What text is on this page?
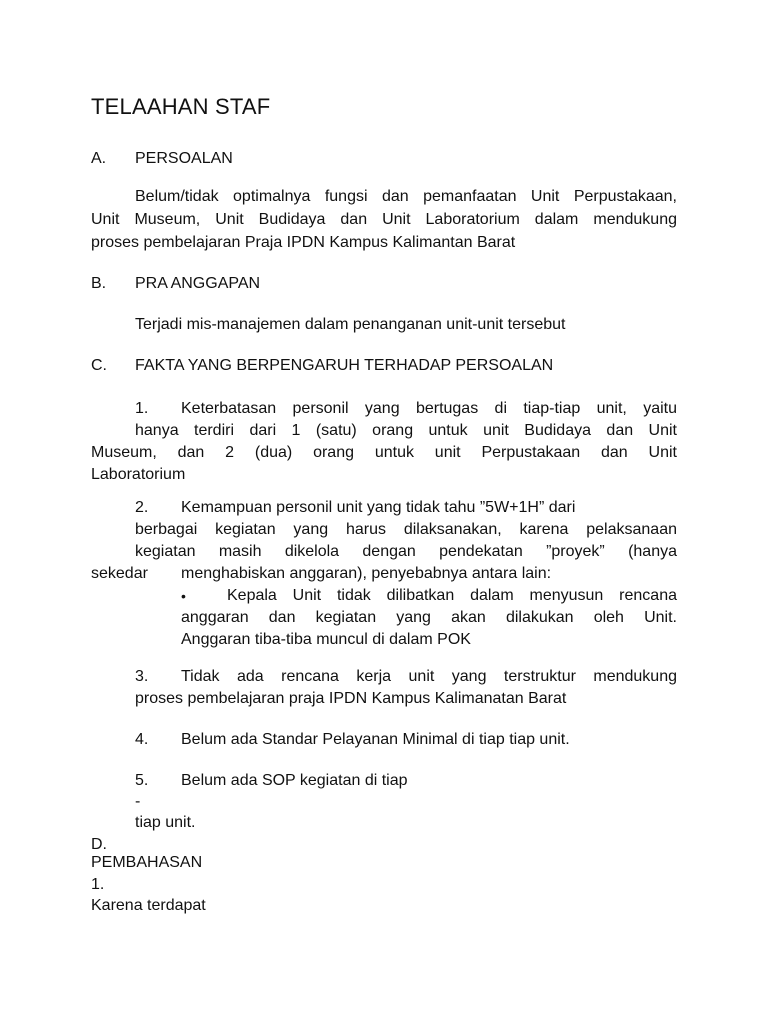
TELAAHAN STAF
A. PERSOALAN
Belum/tidak optimalnya fungsi dan pemanfaatan Unit Perpustakaan,
Unit Museum, Unit Budidaya dan Unit Laboratorium dalam mendukung
proses pembelajaran Praja IPDN Kampus Kalimantan Barat
B. PRA ANGGAPAN
Terjadi mis-manajemen dalam penanganan unit-unit tersebut
C. FAKTA YANG BERPENGARUH TERHADAP PERSOALAN
1. Keterbatasan personil yang bertugas di tiap-tiap unit, yaitu
hanya terdiri dari 1 (satu) orang untuk unit Budidaya dan Unit
Museum, dan 2 (dua) orang untuk unit Perpustakaan dan Unit
Laboratorium
2. Kemampuan personil unit yang tidak tahu ”5W+1H” dari
berbagai kegiatan yang harus dilaksanakan, karena pelaksanaan
kegiatan masih dikelola dengan pendekatan ”proyek” (hanya
sekedar menghabiskan anggaran), penyebabnya antara lain:
•	Kepala Unit tidak dilibatkan dalam menyusun rencana
anggaran dan kegiatan yang akan dilakukan oleh Unit.
Anggaran tiba-tiba muncul di dalam POK
3. Tidak ada rencana kerja unit yang terstruktur mendukung
proses pembelajaran praja IPDN Kampus Kalimanatan Barat
4. Belum ada Standar Pelayanan Minimal di tiap tiap unit.
5. Belum ada SOP kegiatan di tiap
-
tiap unit.
D.
PEMBAHASAN
1.
Karena terdapat
